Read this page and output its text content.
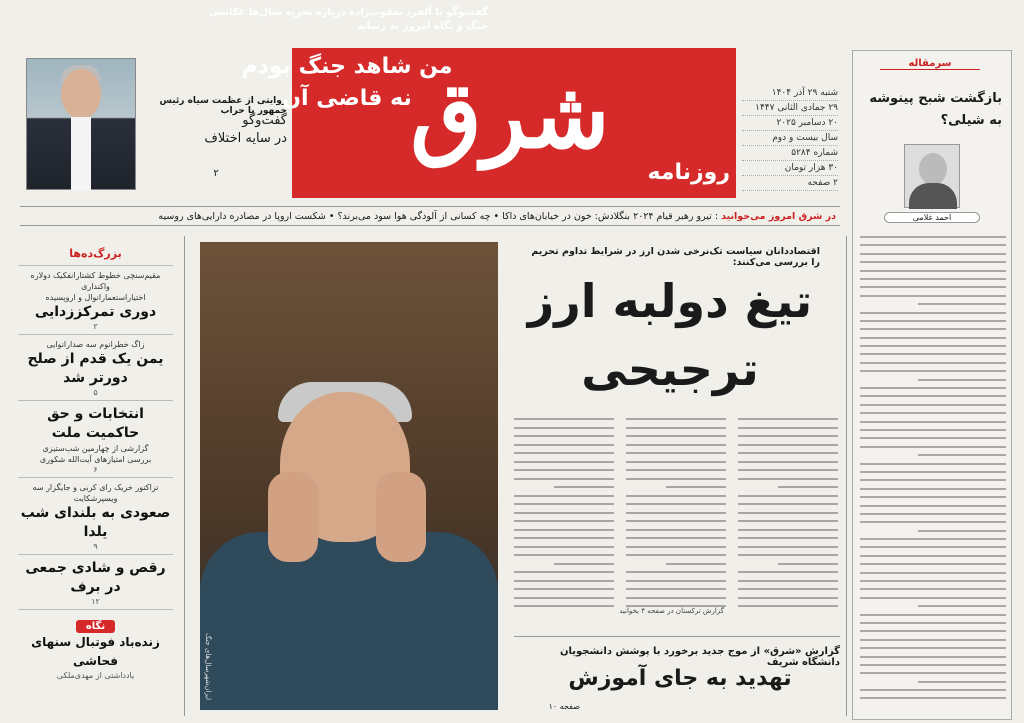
شرق
روزنامه
شنبه ۲۹ آذر ۱۴۰۴
۲۹ جمادی الثانی ۱۴۴۷
۲۰ دسامبر ۲۰۲۵
سال بیست و دوم
شماره ۵۲۸۴
۳۰ هزار تومان
۲ صفحه
روایتی از عظمت سیاه رئیس جمهور با حراب
گفت‌وگو
در سایه اختلاف
۲
در شرق امروز می‌خوانید : تیرو رهبر قیام ۲۰۲۴ بنگلادش: خون در خیابان‌های داکا • چه کسانی از آلودگی هوا سود می‌برند؟ • شکست اروپا در مصادره دارایی‌های روسیه
بزرگ‌ده‌ها
مقیم‌سنچی خطوط کشتارانفکیک دولاره واکنداری
اختیار‌ا‌ستعمارانوال و اروپسیده
دوری تمرکززدایی
۲
زاگ خطرانوم سه صدارانوایی
یمن یک قدم از صلح دورتر شد
۵
انتخابات و حق حاکمیت ملت
گزارشی از چهارمین شب‌ستیزی
بررسی‌ امتیازهای آیت‌الله شکوری
۶
تراکتور خریک رای کربی و جایگزار سه ویسپرشکایت
صعودی به بلندای شب یلدا
۹
رقص و شادی جمعی در برف
۱۲
نگاه
زنده‌باد فوتبال سنهای فحاشی
یادداشتی از مهدی‌ملکی
گفت‌وگو با آلفرد یعقوب‌زاده درباره تجربه سال‌ها عکاسی جنگ و نگاه امروز به رسانه
من شاهد جنگ بودم
نه قاضی آن
ایران‌شهرسال‌های جنگ
اقتصاددانان سیاست تک‌نرخی شدن ارز در شرایط تداوم تحریم را بررسی می‌کنند:
تیغ دولبه ارز
ترجیحی
گزارش ترکستان در صفحه ۴ بخوانید
گزارش «شرق» از موج جدید برخورد با پوشش دانشجویان دانشگاه شریف
تهدید به جای آموزش
صفحه ۱۰
سرمقاله
بازگشت شبح پینوشه
به شیلی؟
احمد غلامی
